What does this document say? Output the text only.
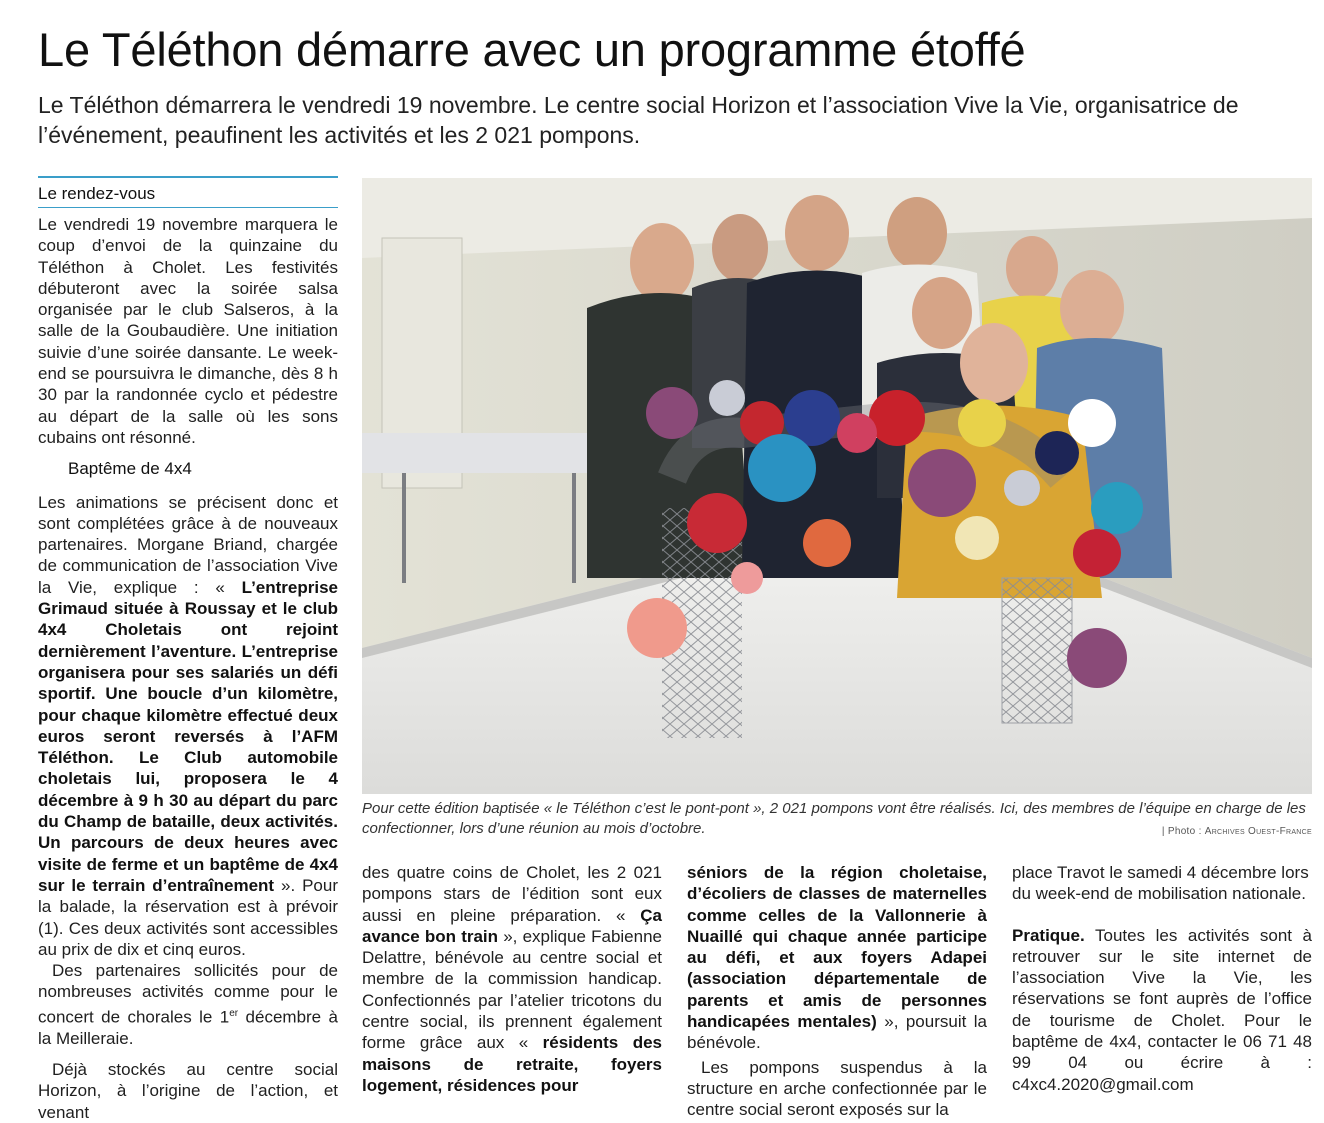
Le Téléthon démarre avec un programme étoffé
Le Téléthon démarrera le vendredi 19 novembre. Le centre social Horizon et l’association Vive la Vie, organisatrice de l’événement, peaufinent les activités et les 2 021 pompons.
Le rendez-vous

Le vendredi 19 novembre marquera le coup d’envoi de la quinzaine du Téléthon à Cholet. Les festivités débuteront avec la soirée salsa organisée par le club Salseros, à la salle de la Goubaudière. Une initiation suivie d’une soirée dansante. Le week-end se poursuivra le dimanche, dès 8 h 30 par la randonnée cyclo et pédestre au départ de la salle où les sons cubains ont résonné.

Baptême de 4x4

Les animations se précisent donc et sont complétées grâce à de nouveaux partenaires. Morgane Briand, chargée de communication de l’association Vive la Vie, explique : « L’entreprise Grimaud située à Roussay et le club 4x4 Choletais ont rejoint dernièrement l’aventure. L’entreprise organisera pour ses salariés un défi sportif. Une boucle d’un kilomètre, pour chaque kilomètre effectué deux euros seront reversés à l’AFM Téléthon. Le Club automobile choletais lui, proposera le 4 décembre à 9 h 30 au départ du parc du Champ de bataille, deux activités. Un parcours de deux heures avec visite de ferme et un baptême de 4x4 sur le terrain d’entraînement ». Pour la balade, la réservation est à prévoir (1). Ces deux activités sont accessibles au prix de dix et cinq euros.

Des partenaires sollicités pour de nombreuses activités comme pour le concert de chorales le 1er décembre à la Meilleraie.

Déjà stockés au centre social Horizon, à l’origine de l’action, et venant

Pour cette édition baptisée « le Téléthon c’est le pont-pont », 2 021 pompons vont être réalisés. Ici, des membres de l’équipe en charge de les confectionner, lors d’une réunion au mois d’octobre.	| Photo : Archives Ouest-France

des quatre coins de Cholet, les 2 021 pompons stars de l’édition sont eux aussi en pleine préparation. « Ça avance bon train », explique Fabienne Delattre, bénévole au centre social et membre de la commission handicap. Confectionnés par l’atelier tricotons du centre social, ils prennent également forme grâce aux « résidents des maisons de retraite, foyers logement, résidences pour

séniors de la région choletaise, d’écoliers de classes de maternelles comme celles de la Vallonnerie à Nuaillé qui chaque année participe au défi, et aux foyers Adapei (association départementale de parents et amis de personnes handicapées mentales) », poursuit la bénévole.

Les pompons suspendus à la structure en arche confectionnée par le centre social seront exposés sur la

place Travot le samedi 4 décembre lors du week-end de mobilisation nationale.

Pratique. Toutes les activités sont à retrouver sur le site internet de l’association Vive la Vie, les réservations se font auprès de l’office de tourisme de Cholet. Pour le baptême de 4x4, contacter le 06 71 48 99 04 ou écrire à : c4xc4.2020@gmail.com
